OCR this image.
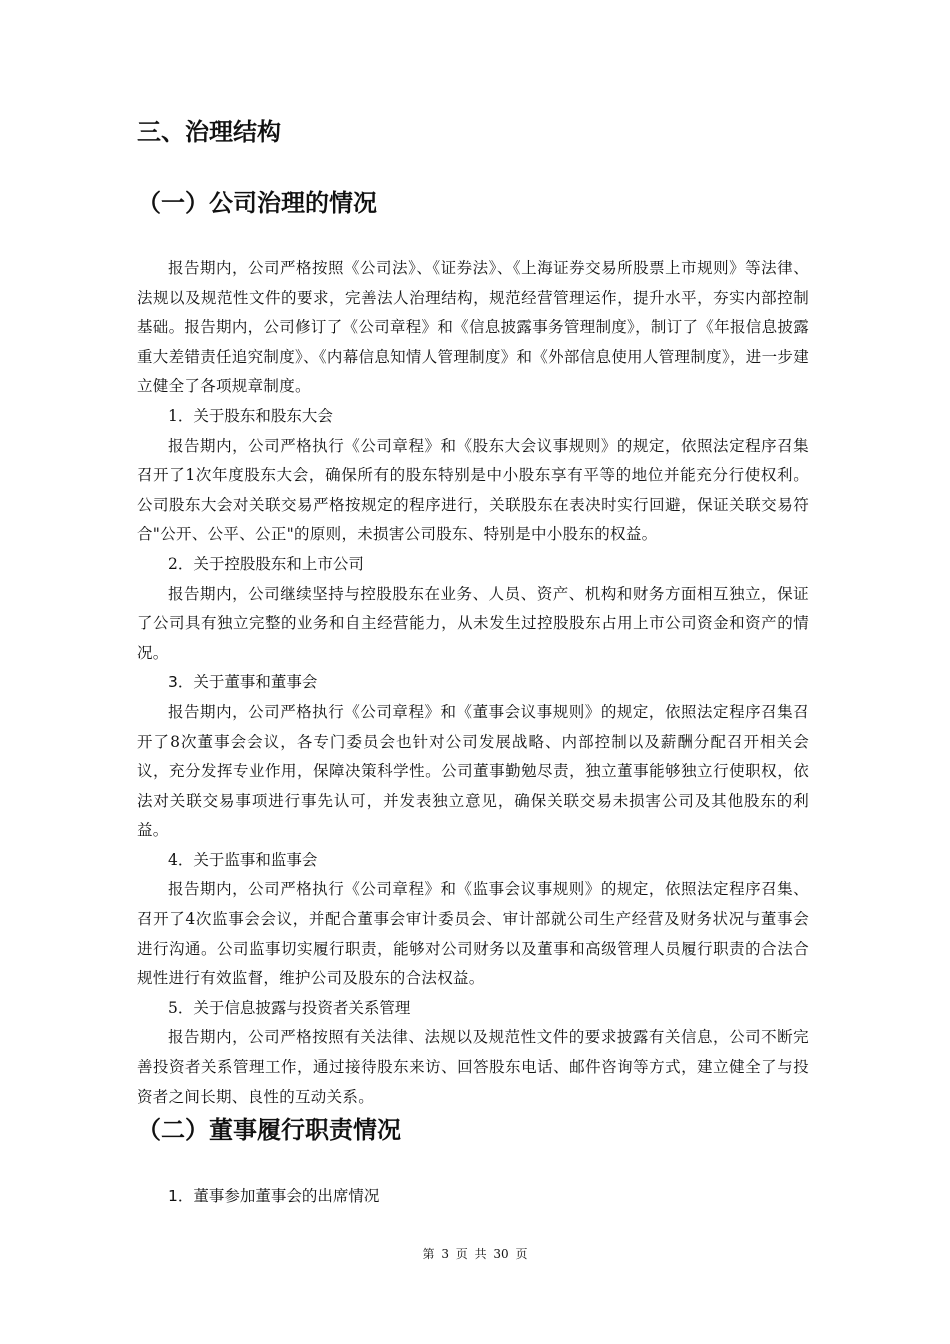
三、治理结构
（一）公司治理的情况

报告期内，公司严格按照《公司法》、《证券法》、《上海证券交易所股票上市规则》等法律、法规以及规范性文件的要求，完善法人治理结构，规范经营管理运作，提升水平，夯实内部控制基础。报告期内，公司修订了《公司章程》和《信息披露事务管理制度》，制订了《年报信息披露重大差错责任追究制度》、《内幕信息知情人管理制度》和《外部信息使用人管理制度》，进一步建立健全了各项规章制度。

1．关于股东和股东大会

报告期内，公司严格执行《公司章程》和《股东大会议事规则》的规定，依照法定程序召集召开了1次年度股东大会，确保所有的股东特别是中小股东享有平等的地位并能充分行使权利。公司股东大会对关联交易严格按规定的程序进行，关联股东在表决时实行回避，保证关联交易符合"公开、公平、公正"的原则，未损害公司股东、特别是中小股东的权益。

2．关于控股股东和上市公司

报告期内，公司继续坚持与控股股东在业务、人员、资产、机构和财务方面相互独立，保证了公司具有独立完整的业务和自主经营能力，从未发生过控股股东占用上市公司资金和资产的情况。

3．关于董事和董事会

报告期内，公司严格执行《公司章程》和《董事会议事规则》的规定，依照法定程序召集召开了8次董事会会议，各专门委员会也针对公司发展战略、内部控制以及薪酬分配召开相关会议，充分发挥专业作用，保障决策科学性。公司董事勤勉尽责，独立董事能够独立行使职权，依法对关联交易事项进行事先认可，并发表独立意见，确保关联交易未损害公司及其他股东的利益。

4．关于监事和监事会

报告期内，公司严格执行《公司章程》和《监事会议事规则》的规定，依照法定程序召集、召开了4次监事会会议，并配合董事会审计委员会、审计部就公司生产经营及财务状况与董事会进行沟通。公司监事切实履行职责，能够对公司财务以及董事和高级管理人员履行职责的合法合规性进行有效监督，维护公司及股东的合法权益。

5．关于信息披露与投资者关系管理

报告期内，公司严格按照有关法律、法规以及规范性文件的要求披露有关信息，公司不断完善投资者关系管理工作，通过接待股东来访、回答股东电话、邮件咨询等方式，建立健全了与投资者之间长期、良性的互动关系。

（二）董事履行职责情况

1．董事参加董事会的出席情况

第 3 页 共 30 页
